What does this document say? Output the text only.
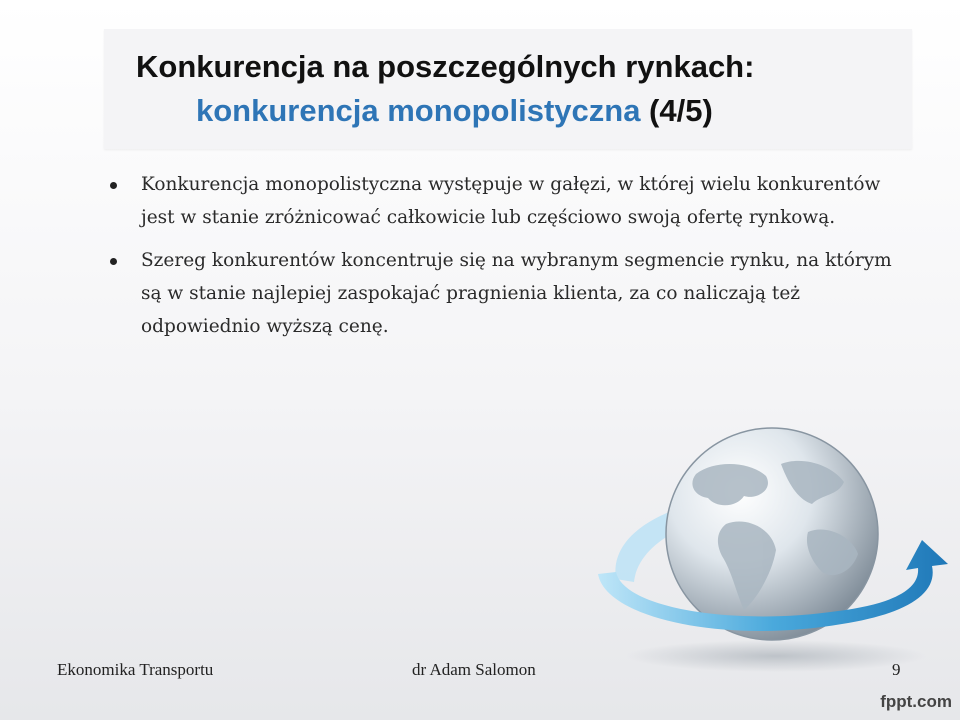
Konkurencja na poszczególnych rynkach:
konkurencja monopolistyczna (4/5)
Konkurencja monopolistyczna występuje w gałęzi, w której wielu konkurentów jest w stanie zróżnicować całkowicie lub częściowo swoją ofertę rynkową.
Szereg konkurentów koncentruje się na wybranym segmencie rynku, na którym są w stanie najlepiej zaspokajać pragnienia klienta, za co naliczają też odpowiednio wyższą cenę.
Ekonomika Transportu	dr Adam Salomon	9
fppt.com
